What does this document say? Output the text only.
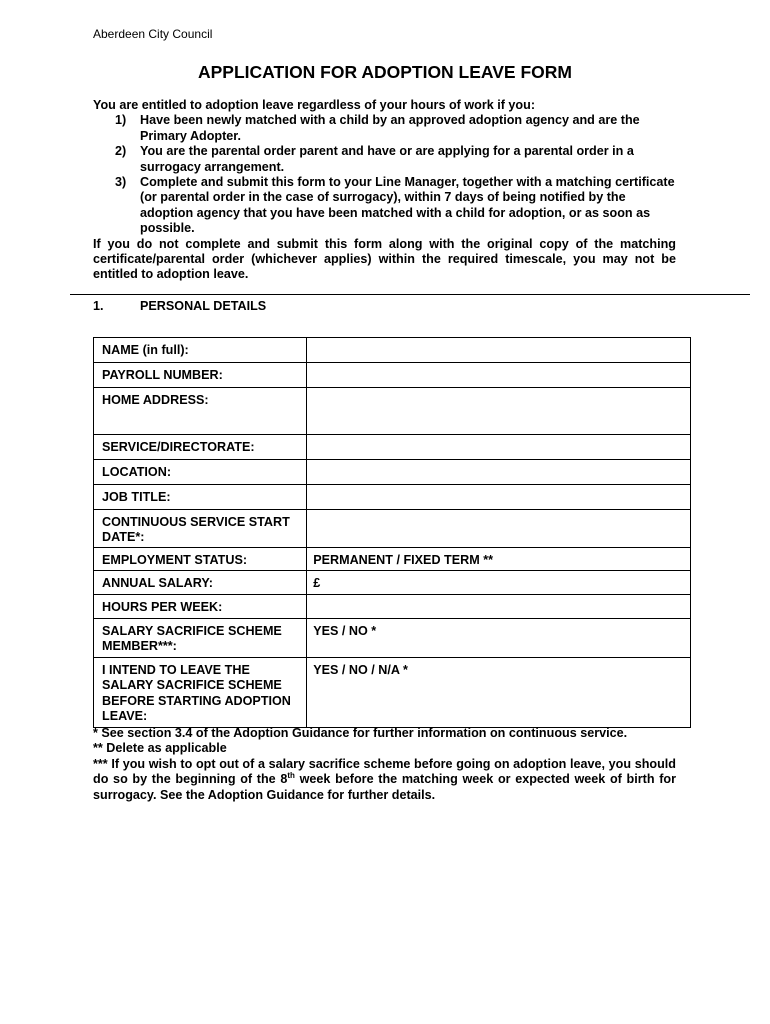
Aberdeen City Council
APPLICATION FOR ADOPTION LEAVE FORM
You are entitled to adoption leave regardless of your hours of work if you:
1) Have been newly matched with a child by an approved adoption agency and are the Primary Adopter.
2) You are the parental order parent and have or are applying for a parental order in a surrogacy arrangement.
3) Complete and submit this form to your Line Manager, together with a matching certificate (or parental order in the case of surrogacy), within 7 days of being notified by the adoption agency that you have been matched with a child for adoption, or as soon as possible.
If you do not complete and submit this form along with the original copy of the matching certificate/parental order (whichever applies) within the required timescale, you may not be entitled to adoption leave.
1.	PERSONAL DETAILS
NAME (in full):	
PAYROLL NUMBER:	
HOME ADDRESS:	
SERVICE/DIRECTORATE:	
LOCATION:	
JOB TITLE:	
CONTINUOUS SERVICE START DATE*:	
EMPLOYMENT STATUS:	PERMANENT / FIXED TERM **
ANNUAL SALARY:	£
HOURS PER WEEK:	
SALARY SACRIFICE SCHEME MEMBER***:	YES / NO *
I INTEND TO LEAVE THE SALARY SACRIFICE SCHEME BEFORE STARTING ADOPTION LEAVE:	YES / NO / N/A *
* See section 3.4 of the Adoption Guidance for further information on continuous service.
** Delete as applicable
*** If you wish to opt out of a salary sacrifice scheme before going on adoption leave, you should do so by the beginning of the 8th week before the matching week or expected week of birth for surrogacy. See the Adoption Guidance for further details.
